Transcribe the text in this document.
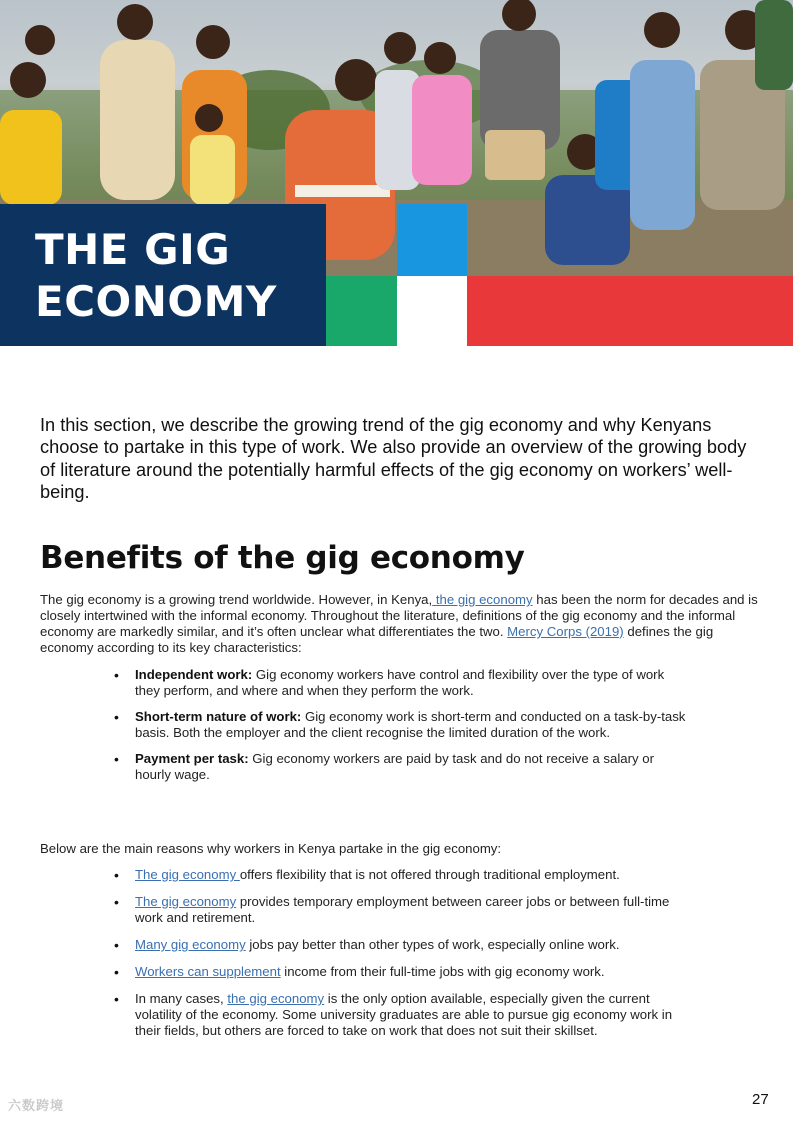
THE GIG
ECONOMY

In this section, we describe the growing trend of the gig economy and why Kenyans choose to partake in this type of work. We also provide an overview of the growing body of literature around the potentially harmful effects of the gig economy on workers’ well-being.

Benefits of the gig economy

The gig economy is a growing trend worldwide. However, in Kenya, the gig economy has been the norm for decades and is closely intertwined with the informal economy. Throughout the literature, definitions of the gig economy and the informal economy are markedly similar, and it’s often unclear what differentiates the two. Mercy Corps (2019) defines the gig economy according to its key characteristics:

• Independent work: Gig economy workers have control and flexibility over the type of work they perform, and where and when they perform the work.
• Short-term nature of work: Gig economy work is short-term and conducted on a task-by-task basis. Both the employer and the client recognise the limited duration of the work.
• Payment per task: Gig economy workers are paid by task and do not receive a salary or hourly wage.

Below are the main reasons why workers in Kenya partake in the gig economy:

• The gig economy offers flexibility that is not offered through traditional employment.
• The gig economy provides temporary employment between career jobs or between full-time work and retirement.
• Many gig economy jobs pay better than other types of work, especially online work.
• Workers can supplement income from their full-time jobs with gig economy work.
• In many cases, the gig economy is the only option available, especially given the current volatility of the economy. Some university graduates are able to pursue gig economy work in their fields, but others are forced to take on work that does not suit their skillset.
六数跨境	27
